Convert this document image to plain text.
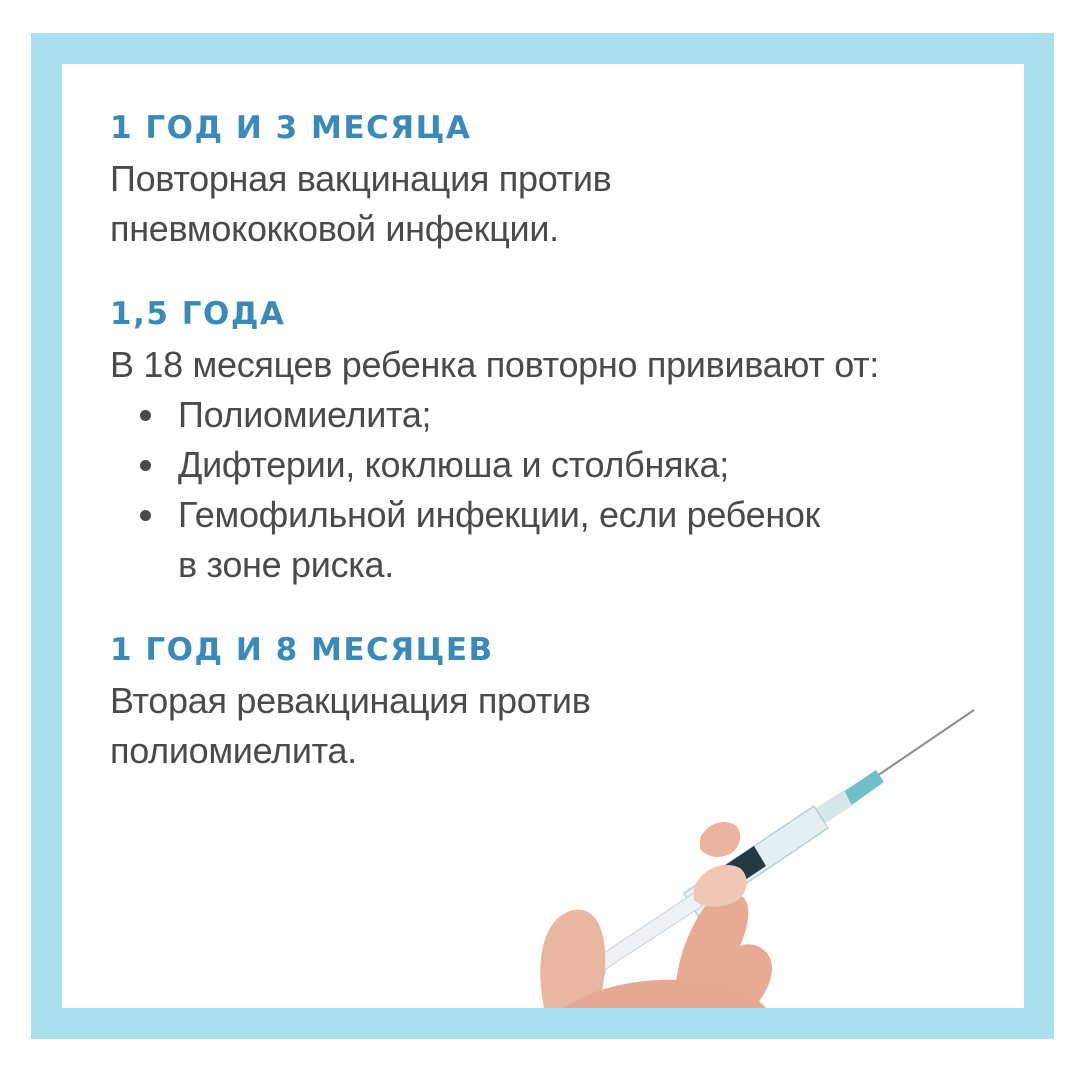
1 ГОД И 3 МЕСЯЦА

Повторная вакцинация против пневмококковой инфекции.

1,5 ГОДА

В 18 месяцев ребенка повторно прививают от:

Полиомиелита;
Дифтерии, коклюша и столбняка;
Гемофильной инфекции, если ребенок в зоне риска.
1 ГОД И 8 МЕСЯЦЕВ

Вторая ревакцинация против полиомиелита.
